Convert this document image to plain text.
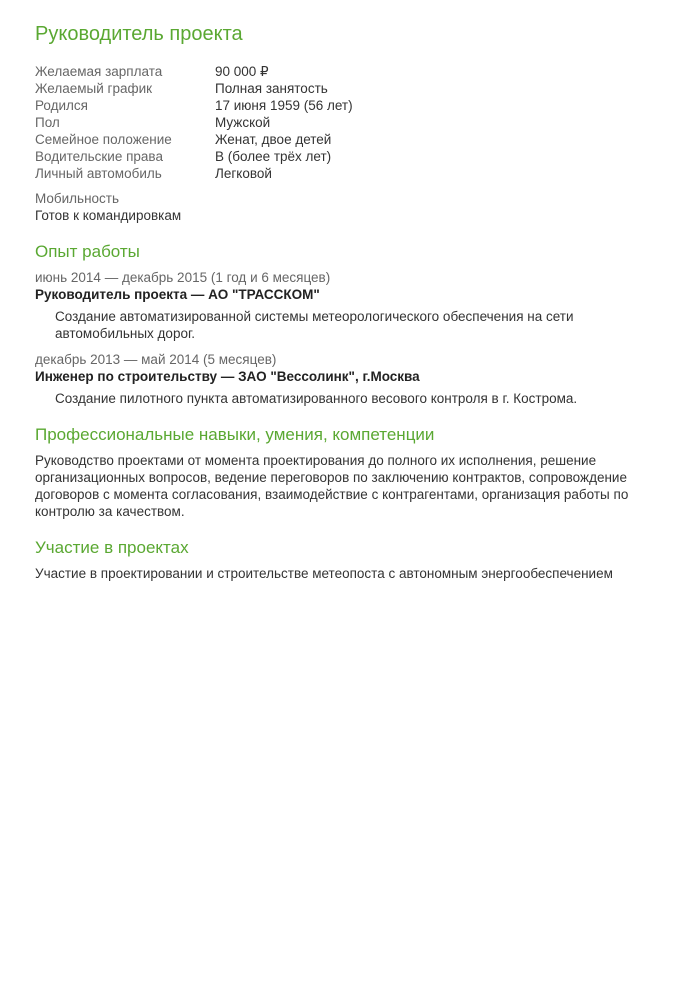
Руководитель проекта
Желаемая зарплата	90 000 ₽
Желаемый график	Полная занятость
Родился	17 июня 1959 (56 лет)
Пол	Мужской
Семейное положение	Женат, двое детей
Водительские права	В (более трёх лет)
Личный автомобиль	Легковой
Мобильность
Готов к командировкам
Опыт работы
июнь 2014 — декабрь 2015 (1 год и 6 месяцев)
Руководитель проекта — АО "ТРАССКОМ"
Создание автоматизированной системы метеорологического обеспечения на сети автомобильных дорог.
декабрь 2013 — май 2014 (5 месяцев)
Инженер по строительству — ЗАО "Вессолинк", г.Москва
Создание пилотного пункта автоматизированного весового контроля в г. Кострома.
Профессиональные навыки, умения, компетенции
Руководство проектами от момента проектирования до полного их исполнения, решение организационных вопросов, ведение переговоров по заключению контрактов, сопровождение договоров с момента согласования, взаимодействие с контрагентами, организация работы по контролю за качеством.
Участие в проектах
Участие в проектировании и строительстве метеопоста с автономным энергообеспечением
